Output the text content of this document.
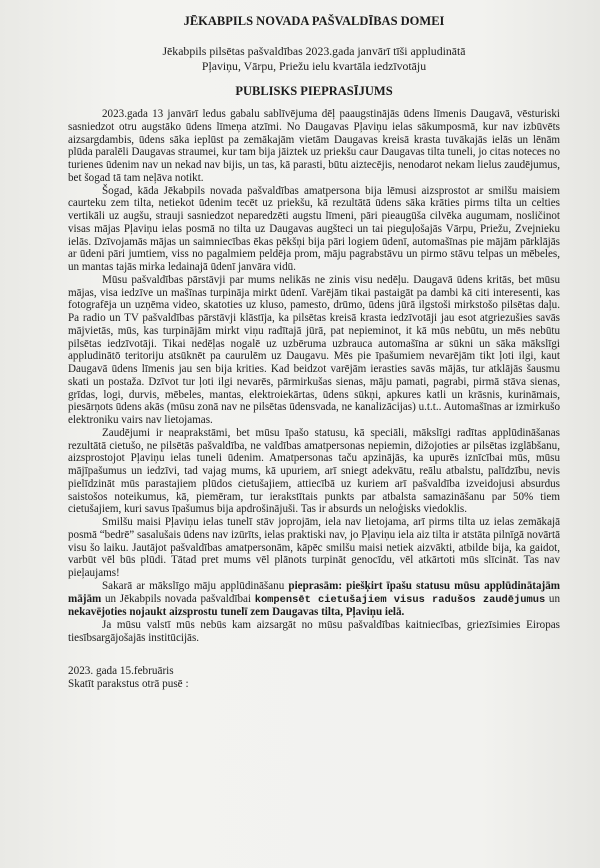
JĒKABPILS NOVADA PAŠVALDĪBAS DOMEI
Jēkabpils pilsētas pašvaldības 2023.gada janvārī tīši appludinātā
Pļaviņu, Vārpu, Priežu ielu kvartāla iedzīvotāju
PUBLISKS PIEPRASĪJUMS

2023.gada 13 janvārī ledus gabalu sablīvējuma dēļ paaugstinājās ūdens līmenis Daugavā, vēsturiski sasniedzot otru augstāko ūdens līmeņa atzīmi. No Daugavas Pļaviņu ielas sākumposmā, kur nav izbūvēts aizsargdambis, ūdens sāka ieplūst pa zemākajām vietām Daugavas kreisā krasta tuvākajās ielās un lēnām plūda paralēli Daugavas straumei, kur tam bija jāiztek uz priekšu caur Daugavas tilta tuneli, jo citas noteces no turienes ūdenim nav un nekad nav bijis, un tas, kā parasti, būtu aiztecējis, nenodarot nekam lielus zaudējumus, bet šogad tā tam neļāva notikt.

Šogad, kāda Jēkabpils novada pašvaldības amatpersona bija lēmusi aizsprostot ar smilšu maisiem caurteku zem tilta, netiekot ūdenim tecēt uz priekšu, kā rezultātā ūdens sāka krāties pirms tilta un celties vertikāli uz augšu, strauji sasniedzot neparedzēti augstu līmeni, pāri pieaugūša cilvēka augumam, nosličinot visas mājas Pļaviņu ielas posmā no tilta uz Daugavas augšteci un tai pieguļošajās Vārpu, Priežu, Zvejnieku ielās. Dzīvojamās mājas un saimniecības ēkas pēkšņi bija pāri logiem ūdenī, automašīnas pie mājām pārklājās ar ūdeni pāri jumtiem, viss no pagalmiem peldēja prom, māju pagrabstāvu un pirmo stāvu telpas un mēbeles, un mantas tajās mirka ledainajā ūdenī janvāra vidū.

Mūsu pašvaldības pārstāvji par mums nelikās ne zinis visu nedēļu. Daugavā ūdens kritās, bet mūsu mājas, visa iedzīve un mašīnas turpināja mirkt ūdenī. Varējām tikai pastaigāt pa dambi kā citi interesenti, kas fotografēja un uzņēma video, skatoties uz kluso, pamesto, drūmo, ūdens jūrā ilgstoši mirkstošo pilsētas daļu. Pa radio un TV pašvaldības pārstāvji klāstīja, ka pilsētas kreisā krasta iedzīvotāji jau esot atgriezušies savās mājvietās, mūs, kas turpinājām mirkt viņu radītajā jūrā, pat nepieminot, it kā mūs nebūtu, un mēs nebūtu pilsētas iedzīvotāji. Tikai nedēļas nogalē uz uzbēruma uzbrauca automašīna ar sūkni un sāka mākslīgi appludinātō teritoriju atsūknēt pa caurulēm uz Daugavu. Mēs pie īpašumiem nevarējām tikt ļoti ilgi, kaut Daugavā ūdens līmenis jau sen bija krities. Kad beidzot varējām ierasties savās mājās, tur atklājās šausmu skati un postaža. Dzīvot tur ļoti ilgi nevarēs, pārmirkušas sienas, māju pamati, pagrabi, pirmā stāva sienas, grīdas, logi, durvis, mēbeles, mantas, elektroiekārtas, ūdens sūkņi, apkures katli un krāsnis, kurināmais, piesārņots ūdens akās (mūsu zonā nav ne pilsētas ūdensvada, ne kanalizācijas) u.t.t.. Automašīnas ar izmirkušo elektroniku vairs nav lietojamas.

Zaudējumi ir neaprakstāmi, bet mūsu īpašo statusu, kā speciāli, mākslīgi radītas applūdināšanas rezultātā cietušo, ne pilsētās pašvaldība, ne valdības amatpersonas nepiemin, dižojoties ar pilsētas izglābšanu, aizsprostojot Pļaviņu ielas tuneli ūdenim. Amatpersonas taču apzinājās, ka upurēs iznīcībai mūs, mūsu mājīpašumus un iedzīvi, tad vajag mums, kā upuriem, arī sniegt adekvātu, reālu atbalstu, palīdzību, nevis pielīdzināt mūs parastajiem plūdos cietušajiem, attiecībā uz kuriem arī pašvaldība izveidojusi absurdus saistošos noteikumus, kā, piemēram, tur ierakstītais punkts par atbalsta samazināšanu par 50% tiem cietušajiem, kuri savus īpašumus bija apdrošinājuši. Tas ir absurds un neloģisks viedoklis.

Smilšu maisi Pļaviņu ielas tunelī stāv joprojām, iela nav lietojama, arī pirms tilta uz ielas zemākajā posmā “bedrē” sasalušais ūdens nav izūrīts, ielas praktiski nav, jo Pļaviņu iela aiz tilta ir atstāta pilnīgā novārtā visu šo laiku. Jautājot pašvaldības amatpersonām, kāpēc smilšu maisi netiek aizvākti, atbilde bija, ka gaidot, varbūt vēl būs plūdi. Tātad pret mums vēl plānots turpināt genocīdu, vēl atkārtoti mūs slīcināt. Tas nav pieļaujams!

Sakarā ar mākslīgo māju applūdināšanu pieprasām: piešķirt īpašu statusu mūsu applūdinātajām mājām un Jēkabpils novada pašvaldībai kompensēt cietušajiem visus radušos zaudējumus un nekavējoties nojaukt aizsprostu tunelī zem Daugavas tilta, Pļaviņu ielā.

Ja mūsu valstī mūs nebūs kam aizsargāt no mūsu pašvaldības kaitniecības, griezīsimies Eiropas tiesībsargājošajās institūcijās.

2023. gada 15.februāris

Skatīt parakstus otrā pusē :
